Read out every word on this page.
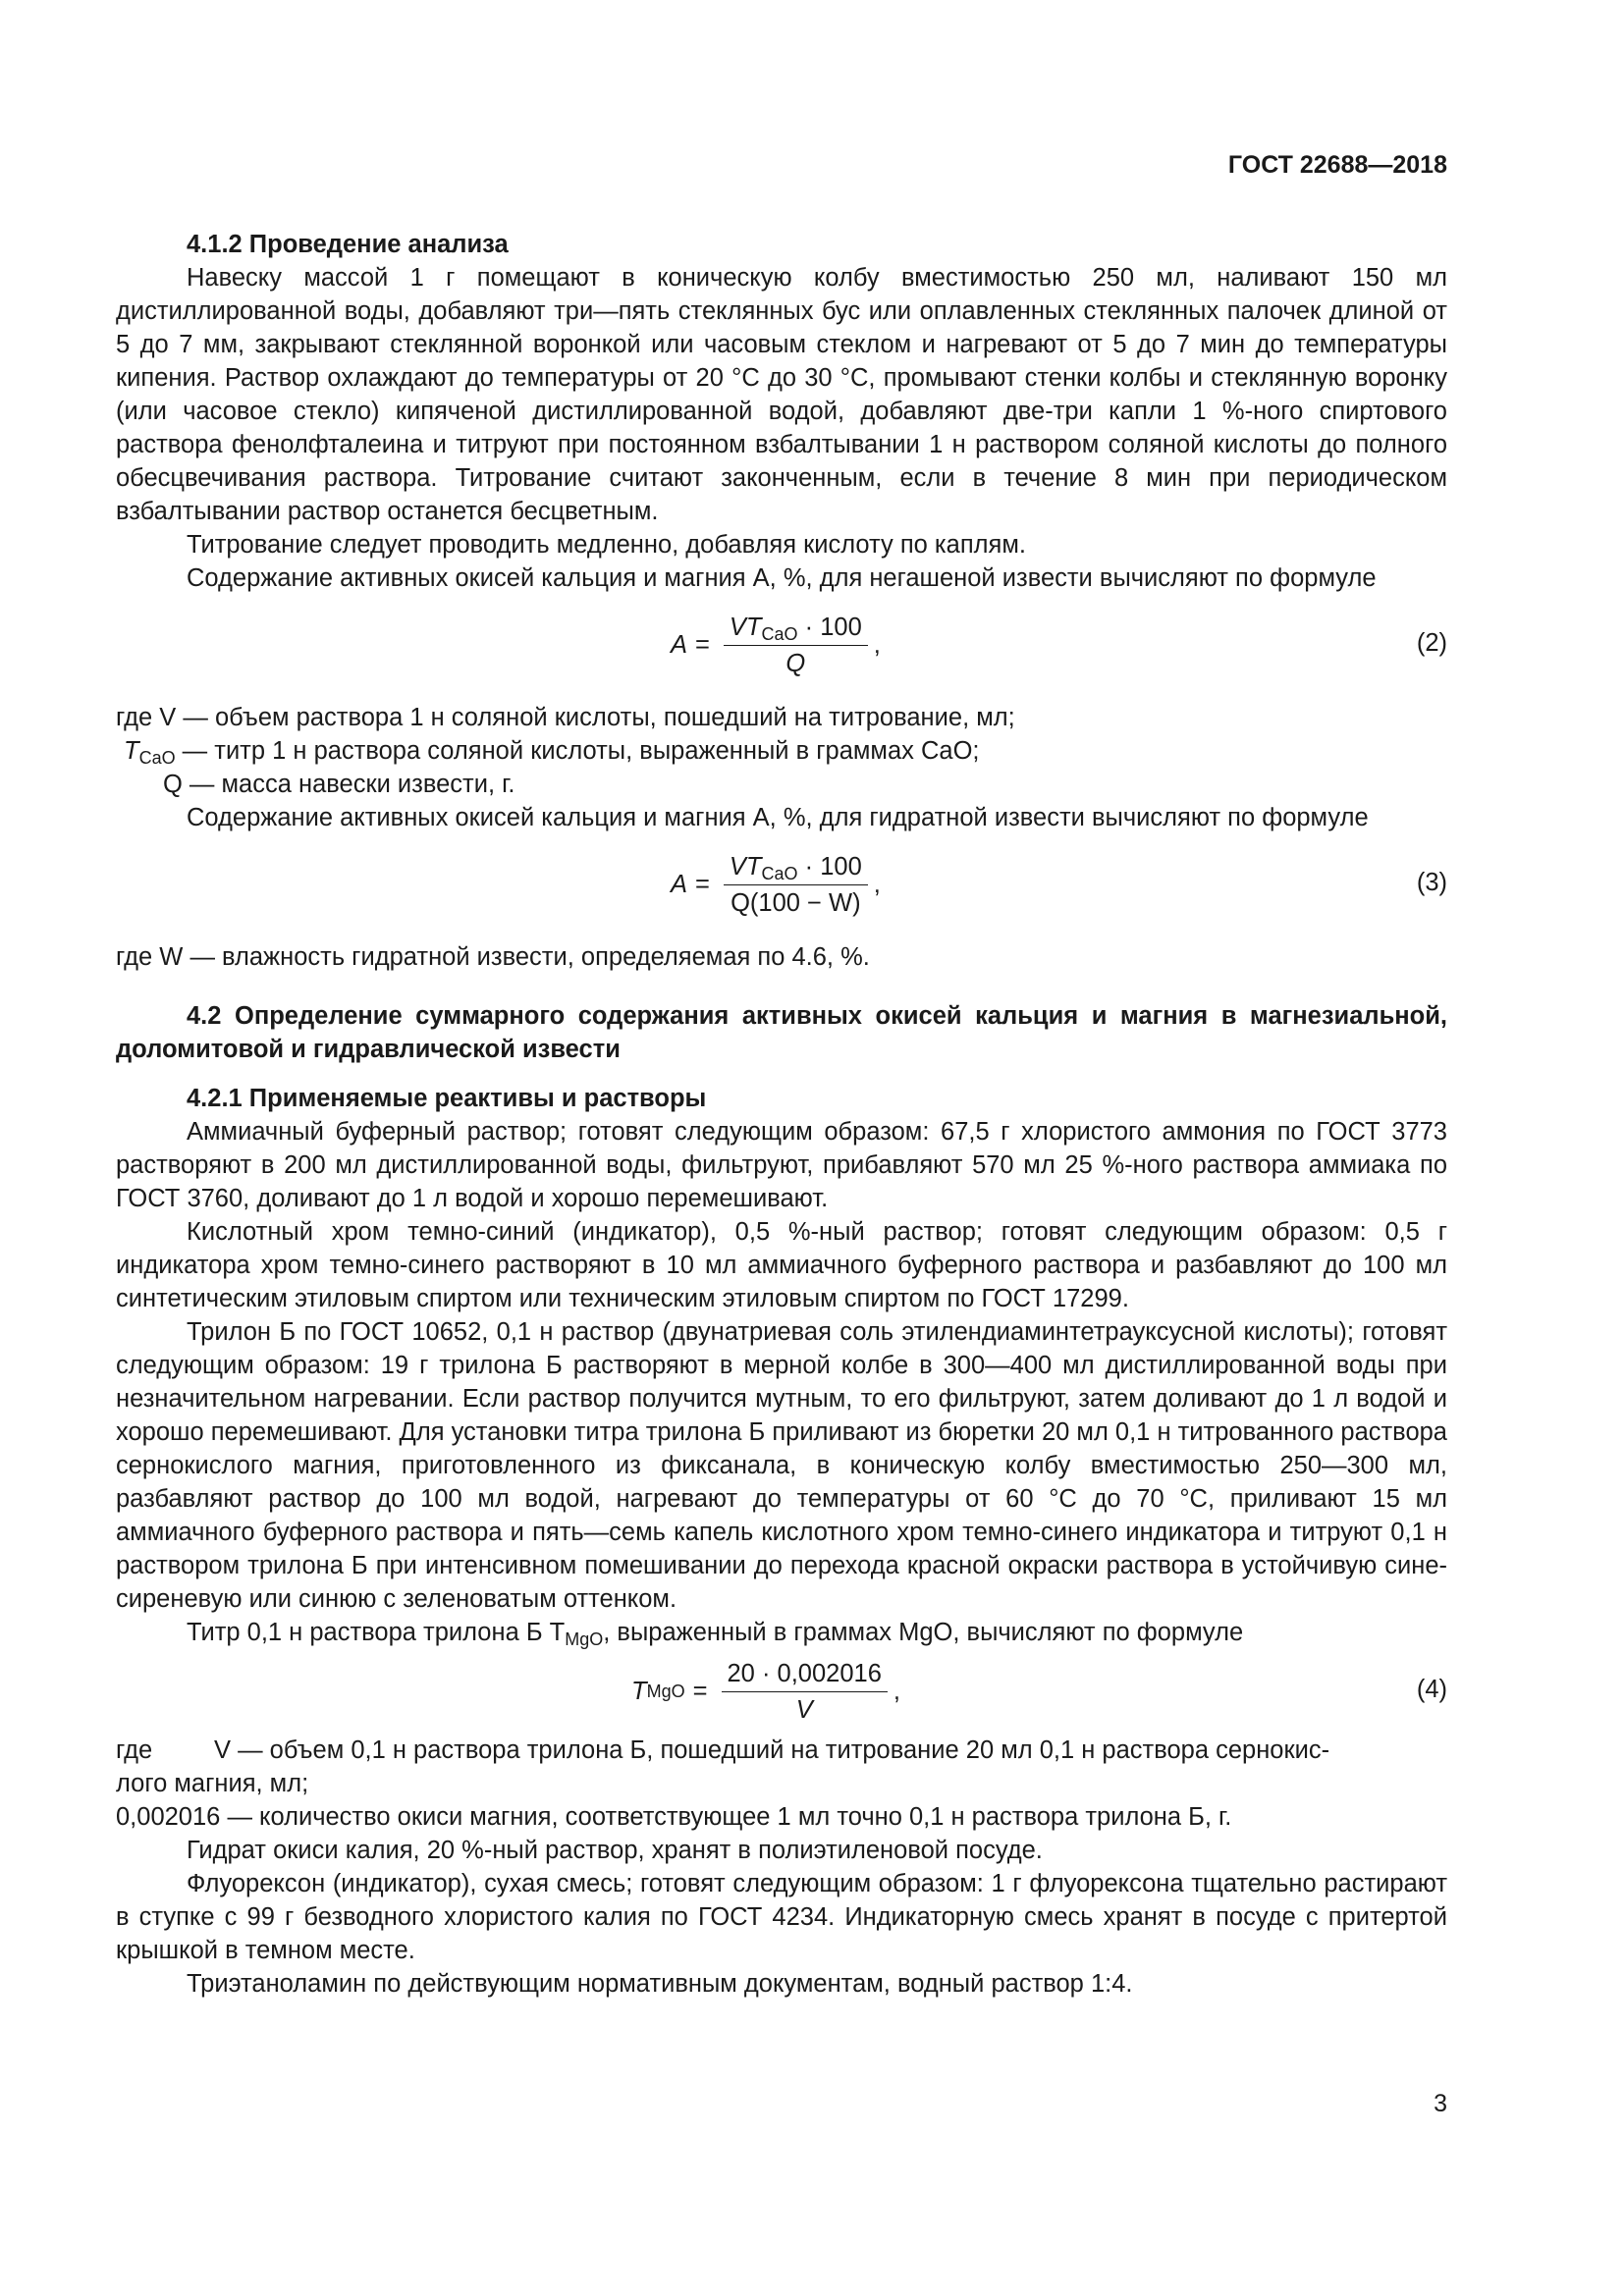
ГОСТ 22688—2018

4.1.2 Проведение анализа

Навеску массой 1 г помещают в коническую колбу вместимостью 250 мл, наливают 150 мл дистиллированной воды, добавляют три—пять стеклянных бус или оплавленных стеклянных палочек длиной от 5 до 7 мм, закрывают стеклянной воронкой или часовым стеклом и нагревают от 5 до 7 мин до температуры кипения. Раствор охлаждают до температуры от 20 °С до 30 °С, промывают стенки колбы и стеклянную воронку (или часовое стекло) кипяченой дистиллированной водой, добавляют две-три капли 1 %-ного спиртового раствора фенолфталеина и титруют при постоянном взбалтывании 1 н раствором соляной кислоты до полного обесцвечивания раствора. Титрование считают законченным, если в течение 8 мин при периодическом взбалтывании раствор останется бесцветным.

Титрование следует проводить медленно, добавляя кислоту по каплям.

Содержание активных окисей кальция и магния А, %, для негашеной извести вычисляют по формуле

$A = \frac{VT_{CaO} \cdot 100}{Q}$ ,	(2)

где V — объем раствора 1 н соляной кислоты, пошедший на титрование, мл;

$T_{CaO}$ — титр 1 н раствора соляной кислоты, выраженный в граммах CaO;

Q — масса навески извести, г.

Содержание активных окисей кальция и магния А, %, для гидратной извести вычисляют по формуле

$A = \frac{VT_{CaO} \cdot 100}{Q(100 - W)}$ ,	(3)

где W — влажность гидратной извести, определяемая по 4.6, %.

4.2 Определение суммарного содержания активных окисей кальция и магния в магнезиальной, доломитовой и гидравлической извести

4.2.1 Применяемые реактивы и растворы

Аммиачный буферный раствор; готовят следующим образом: 67,5 г хлористого аммония по ГОСТ 3773 растворяют в 200 мл дистиллированной воды, фильтруют, прибавляют 570 мл 25 %-ного раствора аммиака по ГОСТ 3760, доливают до 1 л водой и хорошо перемешивают.

Кислотный хром темно-синий (индикатор), 0,5 %-ный раствор; готовят следующим образом: 0,5 г индикатора хром темно-синего растворяют в 10 мл аммиачного буферного раствора и разбавляют до 100 мл синтетическим этиловым спиртом или техническим этиловым спиртом по ГОСТ 17299.

Трилон Б по ГОСТ 10652, 0,1 н раствор (двунатриевая соль этилендиаминтетрауксусной кислоты); готовят следующим образом: 19 г трилона Б растворяют в мерной колбе в 300—400 мл дистиллированной воды при незначительном нагревании. Если раствор получится мутным, то его фильтруют, затем доливают до 1 л водой и хорошо перемешивают. Для установки титра трилона Б приливают из бюретки 20 мл 0,1 н титрованного раствора сернокислого магния, приготовленного из фиксанала, в коническую колбу вместимостью 250—300 мл, разбавляют раствор до 100 мл водой, нагревают до температуры от 60 °С до 70 °С, приливают 15 мл аммиачного буферного раствора и пять—семь капель кислотного хром темно-синего индикатора и титруют 0,1 н раствором трилона Б при интенсивном помешивании до перехода красной окраски раствора в устойчивую сине-сиреневую или синюю с зеленоватым оттенком.

Титр 0,1 н раствора трилона Б $Т_{MgO}$, выраженный в граммах MgO, вычисляют по формуле

T MgO = $\frac{20 \cdot 0,002016}{V}$ ,	(4)
где	V — объем 0,1 н раствора трилона Б, пошедший на титрование 20 мл 0,1 н раствора сернокис-

лого магния, мл;

0,002016 — количество окиси магния, соответствующее 1 мл точно 0,1 н раствора трилона Б, г.

Гидрат окиси калия, 20 %-ный раствор, хранят в полиэтиленовой посуде.

Флуорексон (индикатор), сухая смесь; готовят следующим образом: 1 г флуорексона тщательно растирают в ступке с 99 г безводного хлористого калия по ГОСТ 4234. Индикаторную смесь хранят в посуде с притертой крышкой в темном месте.

Триэтаноламин по действующим нормативным документам, водный раствор 1:4.

3
